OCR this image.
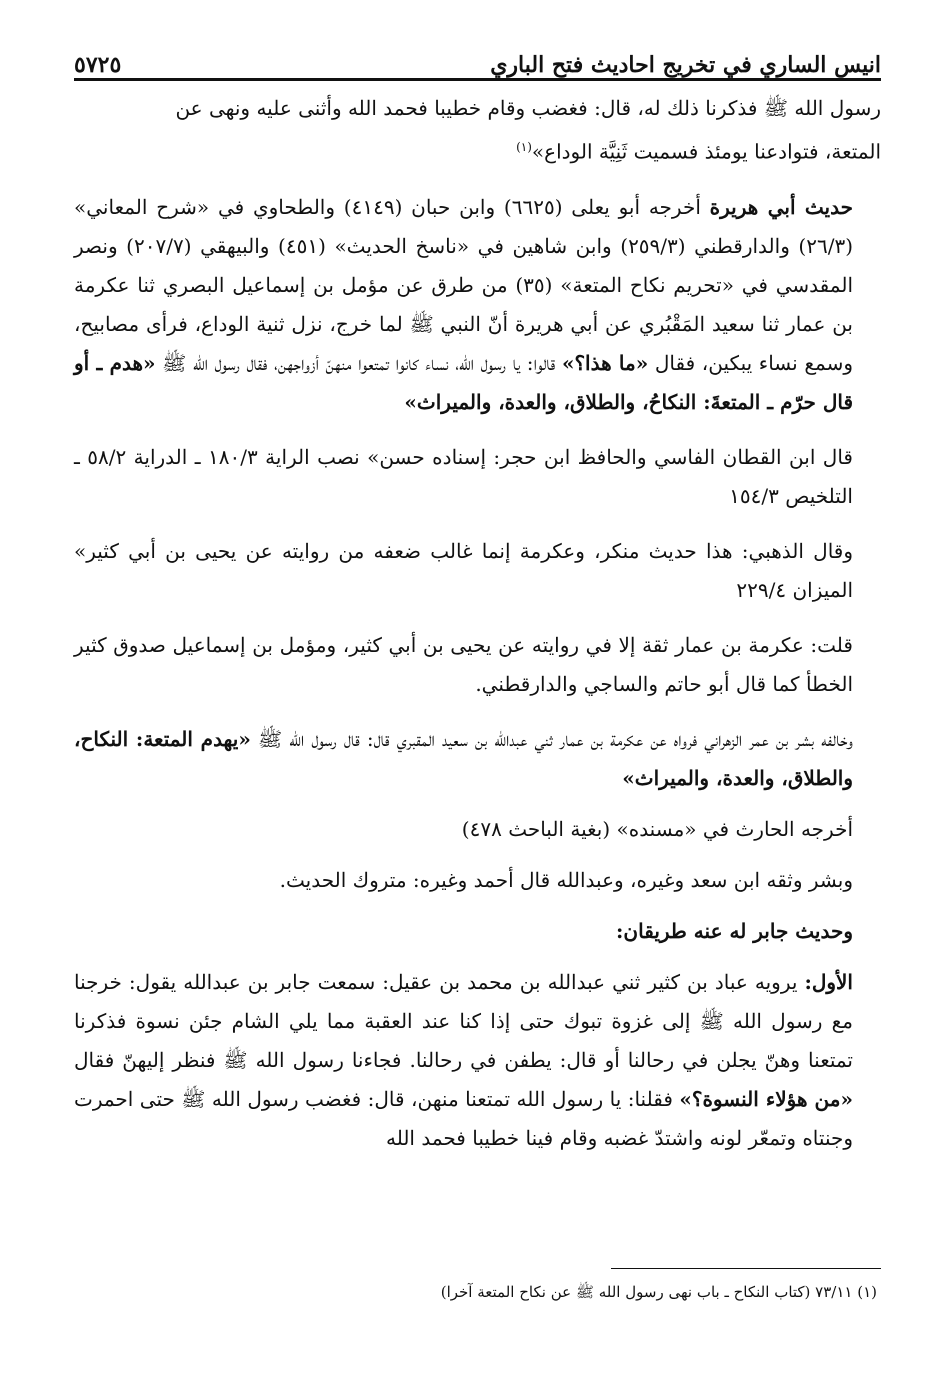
انيس الساري في تخريج احاديث فتح الباري
٥٧٢٥

رسول الله ﷺ فذكرنا ذلك له، قال: فغضب وقام خطيبا فحمد الله وأثنى عليه ونهى عن
المتعة، فتوادعنا يومئذ فسميت ثَنِيَّة الوداع»$^{(١)}$

حديث أبي هريرة أخرجه أبو يعلى (٦٦٢٥) وابن حبان (٤١٤٩) والطحاوي في «شرح المعاني» (٢٦/٣) والدارقطني (٢٥٩/٣) وابن شاهين في «ناسخ الحديث» (٤٥١) والبيهقي (٢٠٧/٧) ونصر المقدسي في «تحريم نكاح المتعة» (٣٥) من طرق عن مؤمل بن إسماعيل البصري ثنا عكرمة بن عمار ثنا سعيد المَقْبُري عن أبي هريرة أنّ النبي ﷺ لما خرج، نزل ثنية الوداع، فرأى مصابيح، وسمع نساء يبكين، فقال «ما هذا؟» قالوا: يا رسول الله، نساء كانوا تمتعوا منهنّ أزواجهن، فقال رسول الله ﷺ «هدم ـ أو قال حرّم ـ المتعةَ: النكاحُ، والطلاق، والعدة، والميراث»

قال ابن القطان الفاسي والحافظ ابن حجر: إسناده حسن» نصب الراية ١٨٠/٣ ـ الدراية ٥٨/٢ ـ التلخيص ١٥٤/٣

وقال الذهبي: هذا حديث منكر، وعكرمة إنما غالب ضعفه من روايته عن يحيى بن أبي كثير» الميزان ٢٢٩/٤

قلت: عكرمة بن عمار ثقة إلا في روايته عن يحيى بن أبي كثير، ومؤمل بن إسماعيل صدوق كثير الخطأ كما قال أبو حاتم والساجي والدارقطني.

وخالفه بشر بن عمر الزهراني فرواه عن عكرمة بن عمار ثني عبدالله بن سعيد المقبري قال: قال رسول الله ﷺ «يهدم المتعة: النكاح، والطلاق، والعدة، والميراث»

أخرجه الحارث في «مسنده» (بغية الباحث ٤٧٨)

وبشر وثقه ابن سعد وغيره، وعبدالله قال أحمد وغيره: متروك الحديث.

وحديث جابر له عنه طريقان:

الأول: يرويه عباد بن كثير ثني عبدالله بن محمد بن عقيل: سمعت جابر بن عبدالله يقول: خرجنا مع رسول الله ﷺ إلى غزوة تبوك حتى إذا كنا عند العقبة مما يلي الشام جئن نسوة فذكرنا تمتعنا وهنّ يجلن في رحالنا أو قال: يطفن في رحالنا. فجاءنا رسول الله ﷺ فنظر إليهنّ فقال «من هؤلاء النسوة؟» فقلنا: يا رسول الله تمتعنا منهن، قال: فغضب رسول الله ﷺ حتى احمرت وجنتاه وتمعّر لونه واشتدّ غضبه وقام فينا خطيبا فحمد الله

(١) ٧٣/١١ (كتاب النكاح ـ باب نهى رسول الله ﷺ عن نكاح المتعة آخرا)
